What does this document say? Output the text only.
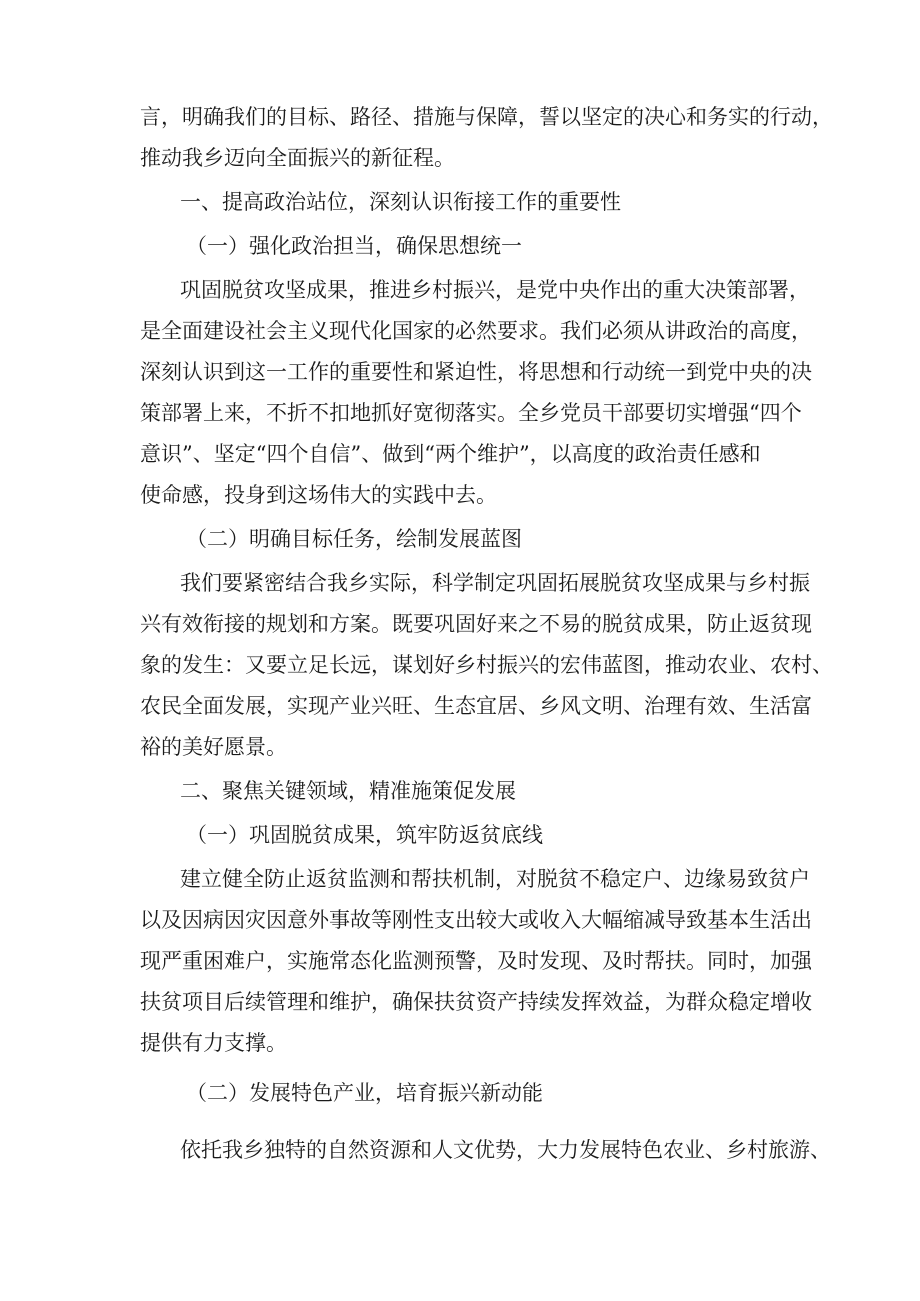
言，明确我们的目标、路径、措施与保障，誓以坚定的决心和务实的行动，
推动我乡迈向全面振兴的新征程。
一、提高政治站位，深刻认识衔接工作的重要性
（一）强化政治担当，确保思想统一
巩固脱贫攻坚成果，推进乡村振兴，是党中央作出的重大决策部署，
是全面建设社会主义现代化国家的必然要求。我们必须从讲政治的高度，
深刻认识到这一工作的重要性和紧迫性，将思想和行动统一到党中央的决
策部署上来，不折不扣地抓好宽彻落实。全乡党员干部要切实增强“四个
意识”、坚定“四个自信”、做到“两个维护”，以高度的政治责任感和
使命感，投身到这场伟大的实践中去。
（二）明确目标任务，绘制发展蓝图
我们要紧密结合我乡实际，科学制定巩固拓展脱贫攻坚成果与乡村振
兴有效衔接的规划和方案。既要巩固好来之不易的脱贫成果，防止返贫现
象的发生：又要立足长远，谋划好乡村振兴的宏伟蓝图，推动农业、农村、
农民全面发展，实现产业兴旺、生态宜居、乡风文明、治理有效、生活富
裕的美好愿景。
二、聚焦关键领域，精准施策促发展
（一）巩固脱贫成果，筑牢防返贫底线
建立健全防止返贫监测和帮扶机制，对脱贫不稳定户、边缘易致贫户
以及因病因灾因意外事故等刚性支出较大或收入大幅缩减导致基本生活出
现严重困难户，实施常态化监测预警，及时发现、及时帮扶。同时，加强
扶贫项目后续管理和维护，确保扶贫资产持续发挥效益，为群众稳定增收
提供有力支撑。
（二）发展特色产业，培育振兴新动能
依托我乡独特的自然资源和人文优势，大力发展特色农业、乡村旅游、
